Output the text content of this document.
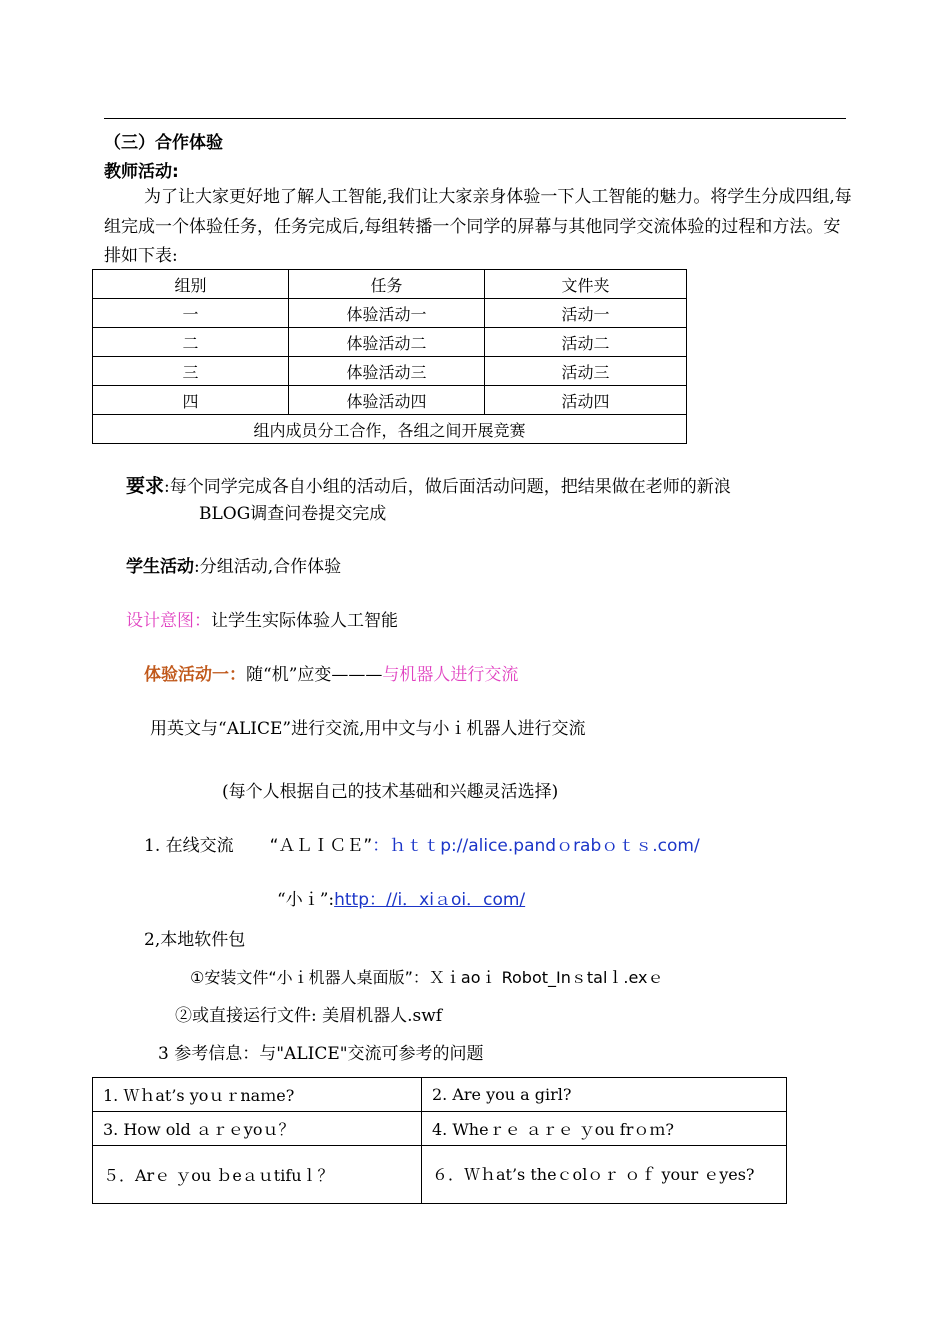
（三）合作体验
教师活动:
为了让大家更好地了解人工智能,我们让大家亲身体验一下人工智能的魅力。将学生分成四组,每组完成一个体验任务，任务完成后,每组转播一个同学的屏幕与其他同学交流体验的过程和方法。安排如下表:
组别	任务	文件夹
一	体验活动一	活动一
二	体验活动二	活动二
三	体验活动三	活动三
四	体验活动四	活动四
组内成员分工合作，各组之间开展竞赛		
要求:每个同学完成各自小组的活动后，做后面活动问题，把结果做在老师的新浪
BLOG调查问卷提交完成
学生活动:分组活动,合作体验
设计意图：让学生实际体验人工智能
体验活动一：随“机”应变———与机器人进行交流
用英文与“ALICE”进行交流,用中文与小ｉ机器人进行交流
(每个人根据自己的技术基础和兴趣灵活选择)
1. 在线交流 “ＡＬＩＣＥ”：ｈｔｔp://alice.pandｏrabｏｔｓ.com/
“小ｉ”:http：//i．xiａoi．com/
2,本地软件包
①安装文件“小ｉ机器人桌面版”：Ｘｉaoｉ Robot_Inｓtalｌ.exｅ
②或直接运行文件: 美眉机器人.swf
3 参考信息：与"ALICE"交流可参考的问题
1. Ｗｈat’s yoｕｒnaｍe?	2. Are you a girl?
3. How old ａｒｅyoｕ？	4. Wheｒｅ ａｒｅ ｙou frｏｍ?
５．Arｅ ｙou ｂeａｕtifuｌ？	６．Ｗｈat’s theｃolｏｒ ｏｆ your ｅyes?
